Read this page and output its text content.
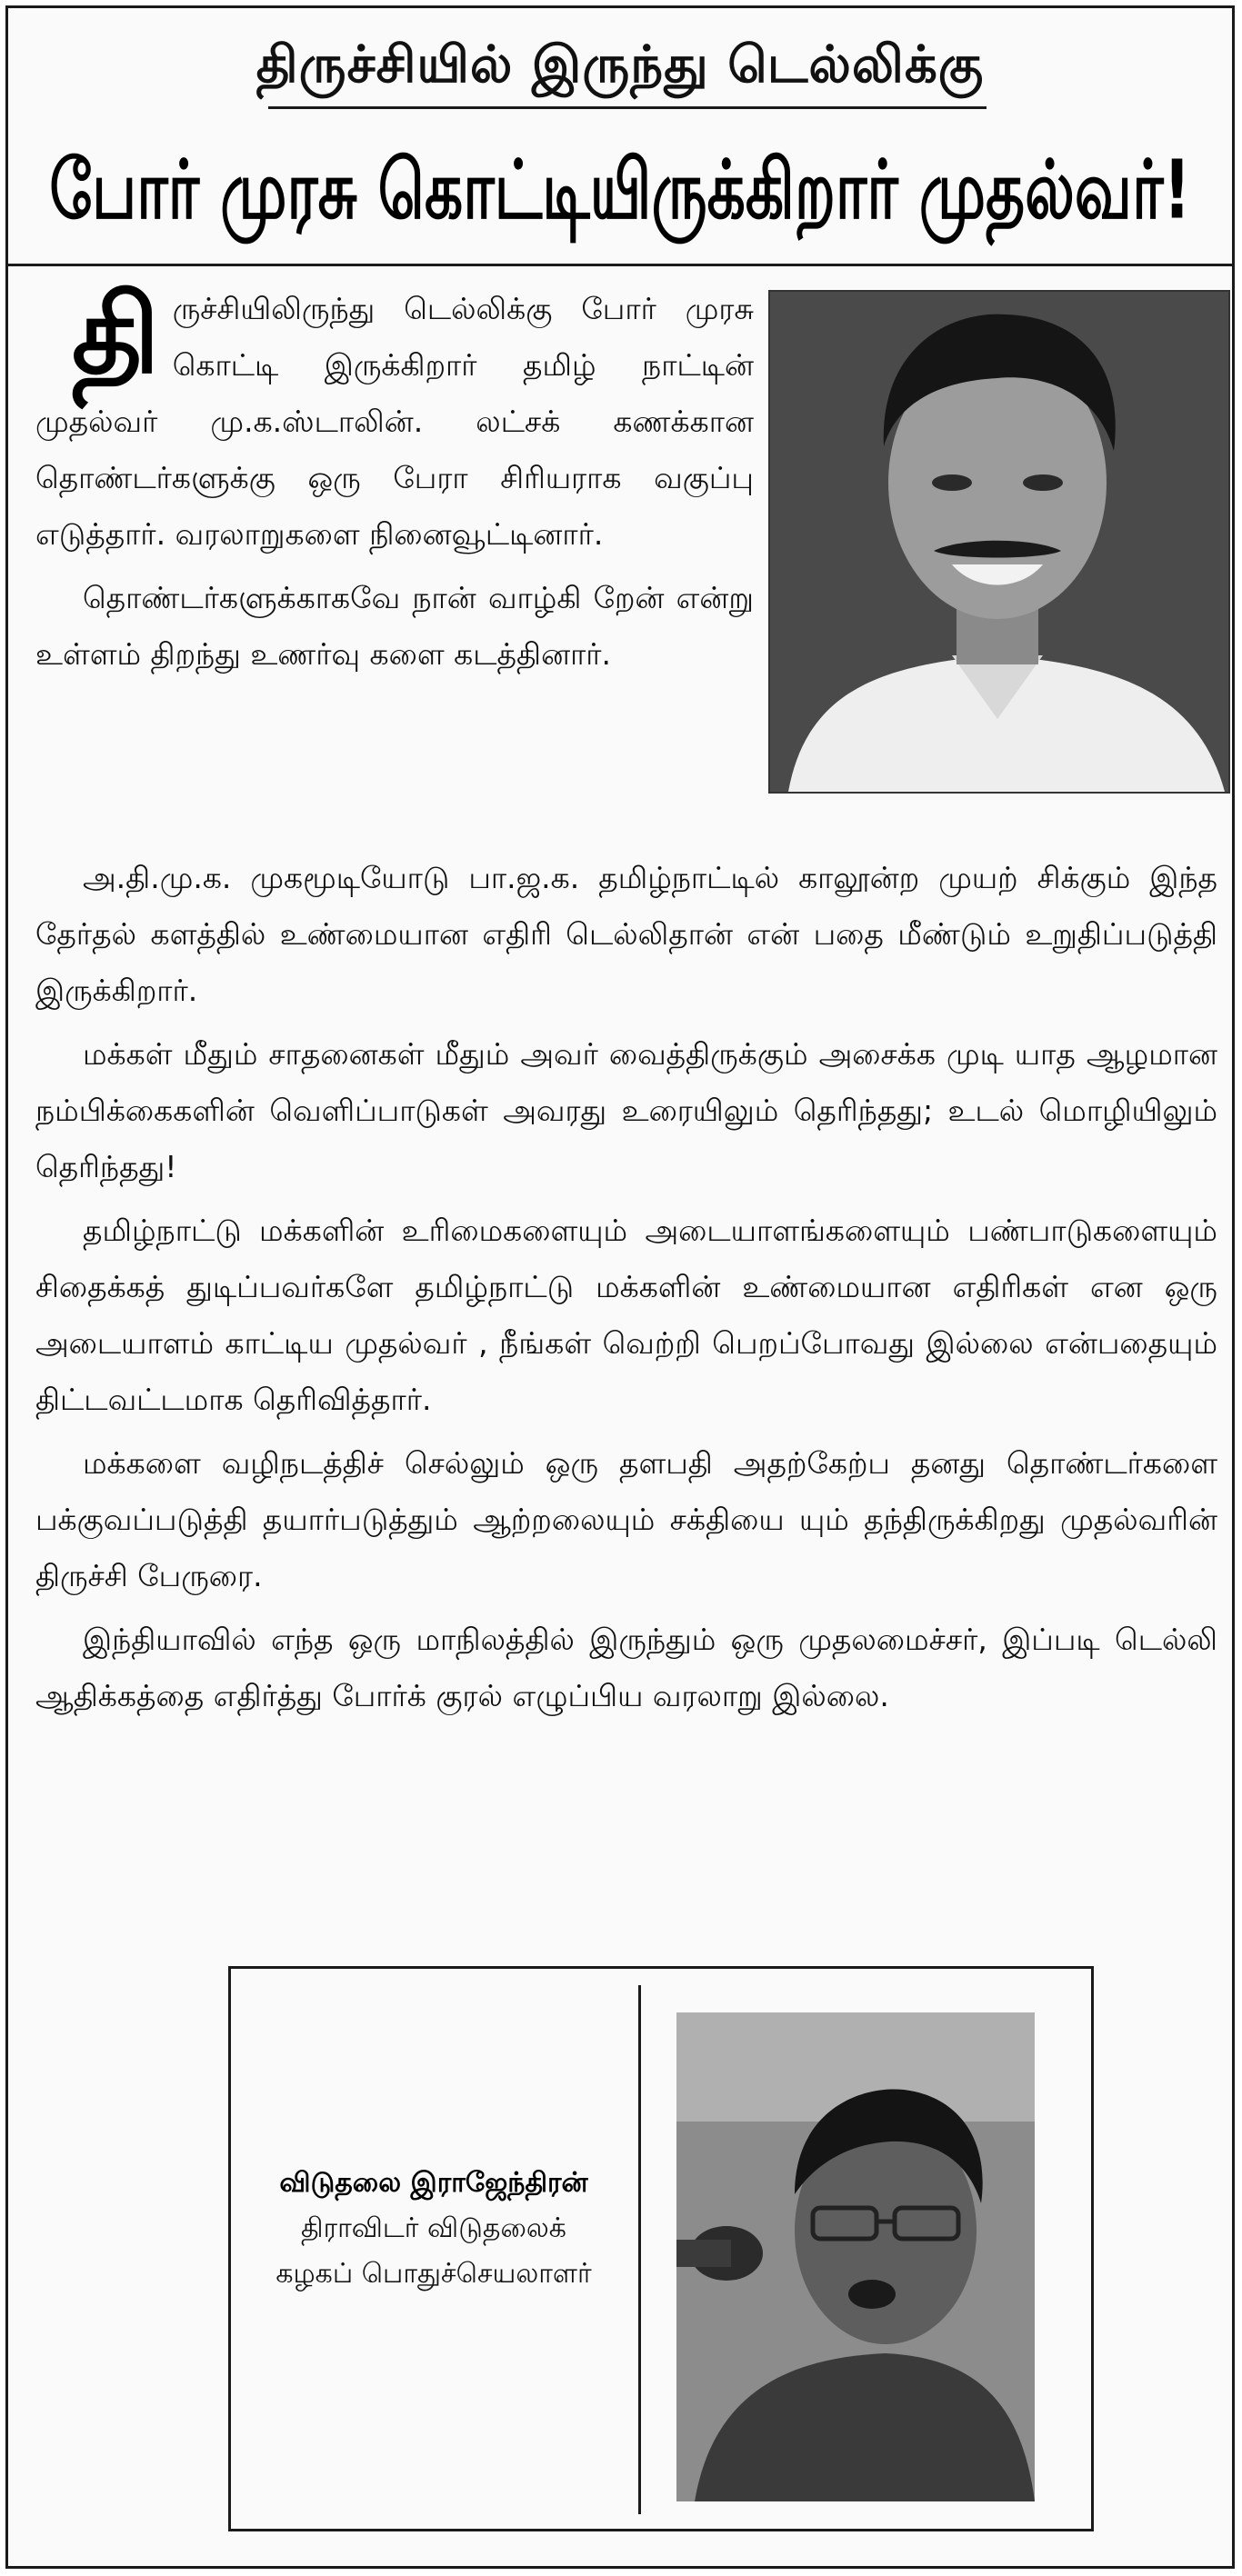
திருச்சியில் இருந்து டெல்லிக்கு
போர் முரசு கொட்டியிருக்கிறார் முதல்வர்!

திருச்சியிலிருந்து டெல்லிக்கு போர் முரசு கொட்டி இருக்கிறார் தமிழ் நாட்டின் முதல்வர் மு.க.ஸ்டாலின். லட்சக் கணக்கான தொண்டர்களுக்கு ஒரு பேரா சிரியராக வகுப்பு எடுத்தார். வரலாறுகளை நினைவூட்டினார்.

தொண்டர்களுக்காகவே நான் வாழ்கி றேன் என்று உள்ளம் திறந்து உணர்வு களை கடத்தினார்.

அ.தி.மு.க. முகமூடியோடு பா.ஜ.க. தமிழ்நாட்டில் காலூன்ற முயற் சிக்கும் இந்த தேர்தல் களத்தில் உண்மையான எதிரி டெல்லிதான் என் பதை மீண்டும் உறுதிப்படுத்தி இருக்கிறார்.

மக்கள் மீதும் சாதனைகள் மீதும் அவர் வைத்திருக்கும் அசைக்க முடி யாத ஆழமான நம்பிக்கைகளின் வெளிப்பாடுகள் அவரது உரையிலும் தெரிந்தது; உடல் மொழியிலும் தெரிந்தது!

தமிழ்நாட்டு மக்களின் உரிமைகளையும் அடையாளங்களையும் பண்பாடுகளையும் சிதைக்கத் துடிப்பவர்களே தமிழ்நாட்டு மக்களின் உண்மையான எதிரிகள் என ஒரு அடையாளம் காட்டிய முதல்வர் , நீங்கள் வெற்றி பெறப்போவது இல்லை என்பதையும் திட்டவட்டமாக தெரிவித்தார்.

மக்களை வழிநடத்திச் செல்லும் ஒரு தளபதி அதற்கேற்ப தனது தொண்டர்களை பக்குவப்படுத்தி தயார்படுத்தும் ஆற்றலையும் சக்தியை யும் தந்திருக்கிறது முதல்வரின் திருச்சி பேருரை.

இந்தியாவில் எந்த ஒரு மாநிலத்தில் இருந்தும் ஒரு முதலமைச்சர், இப்படி டெல்லி ஆதிக்கத்தை எதிர்த்து போர்க் குரல் எழுப்பிய வரலாறு இல்லை.

விடுதலை இராஜேந்திரன்
திராவிடர் விடுதலைக்
கழகப் பொதுச்செயலாளர்
